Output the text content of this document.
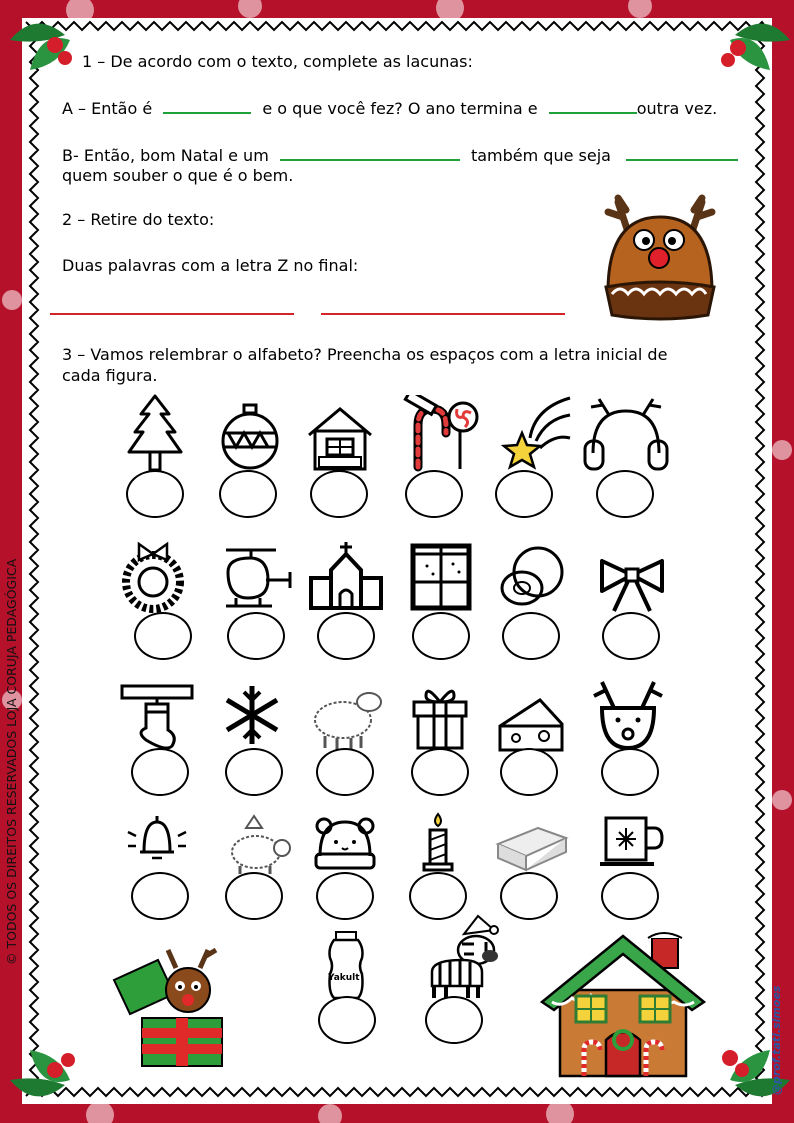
1 – De acordo com o texto, complete as lacunas:
A – Então é	e o que você fez? O ano termina e	outra vez.
B- Então, bom Natal e um	também que seja
quem souber o que é o bem.
2 – Retire do texto:
Duas palavras com a letra Z no final:
3 – Vamos relembrar o alfabeto? Preencha os espaços com a letra inicial de
cada figura.
Yakult
© TODOS OS DIREITOS RESERVADOS LOJA CORUJA PEDAGÓGICA
@prof.tati.simoes
